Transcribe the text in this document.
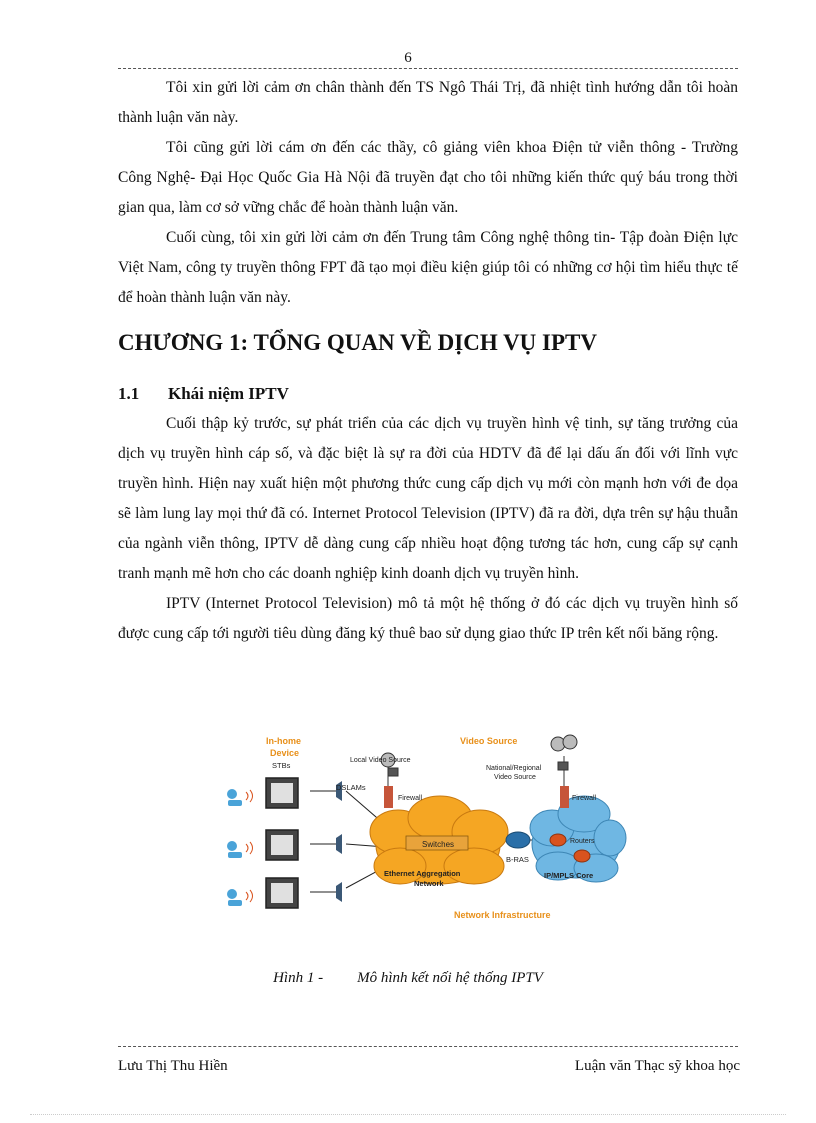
6

Tôi xin gửi lời cảm ơn chân thành đến TS Ngô Thái Trị, đã nhiệt tình hướng dẫn tôi hoàn thành luận văn này.

Tôi cũng gửi lời cám ơn đến các thầy, cô giảng viên khoa Điện tử viễn thông - Trường Công Nghệ- Đại Học Quốc Gia Hà Nội đã truyền đạt cho tôi những kiến thức quý báu trong thời gian qua, làm cơ sở vững chắc để hoàn thành luận văn.

Cuối cùng, tôi xin gửi lời cảm ơn đến Trung tâm Công nghệ thông tin- Tập đoàn Điện lực Việt Nam, công ty truyền thông FPT đã tạo mọi điều kiện giúp tôi có những cơ hội tìm hiểu thực tế để hoàn thành luận văn này.

CHƯƠNG 1: TỔNG QUAN VỀ DỊCH VỤ IPTV
1.1 Khái niệm IPTV

Cuối thập kỷ trước, sự phát triển của các dịch vụ truyền hình vệ tinh, sự tăng trưởng của dịch vụ truyền hình cáp số, và đặc biệt là sự ra đời của HDTV đã để lại dấu ấn đối với lĩnh vực truyền hình. Hiện nay xuất hiện một phương thức cung cấp dịch vụ mới còn mạnh hơn với đe dọa sẽ làm lung lay mọi thứ đã có. Internet Protocol Television (IPTV) đã ra đời, dựa trên sự hậu thuẫn của ngành viễn thông, IPTV dễ dàng cung cấp nhiều hoạt động tương tác hơn, cung cấp sự cạnh tranh mạnh mẽ hơn cho các doanh nghiệp kinh doanh dịch vụ truyền hình.

IPTV (Internet Protocol Television) mô tả một hệ thống ở đó các dịch vụ truyền hình số được cung cấp tới người tiêu dùng đăng ký thuê bao sử dụng giao thức IP trên kết nối băng rộng.

In-home
Device
STBs
DSLAMs
Local Video Source
Video Source
National/Regional
Video Source
Firewall	Firewall
Switches
Ethernet Aggregation
Network
B-RAS
Routers
IP/MPLS Core
Network Infrastructure
Hình 1 - Mô hình kết nối hệ thống IPTV
Lưu Thị Thu Hiền	Luận văn Thạc sỹ khoa học
